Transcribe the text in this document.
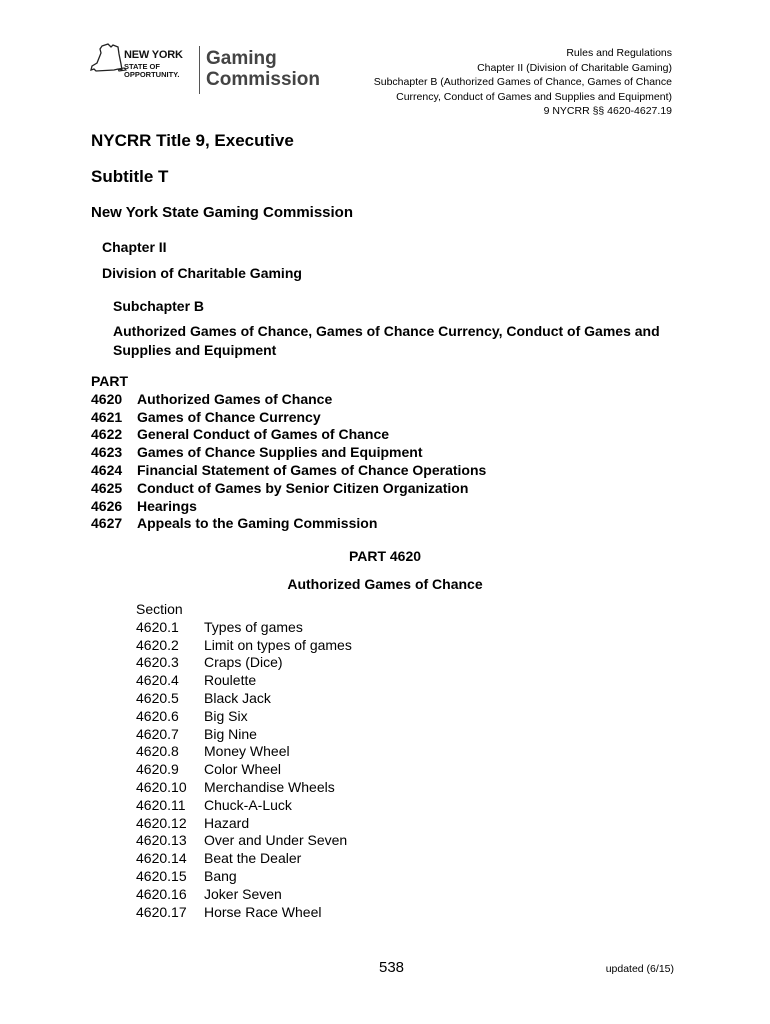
NEW YORK
STATE OF
OPPORTUNITY.
Gaming
Commission
Rules and Regulations
Chapter II (Division of Charitable Gaming)
Subchapter B (Authorized Games of Chance, Games of Chance
Currency, Conduct of Games and Supplies and Equipment)
9 NYCRR §§ 4620-4627.19
NYCRR Title 9, Executive
Subtitle T
New York State Gaming Commission
Chapter II
Division of Charitable Gaming
Subchapter B
Authorized Games of Chance, Games of Chance Currency, Conduct of Games and Supplies and Equipment
PART
4620	Authorized Games of Chance
4621	Games of Chance Currency
4622	General Conduct of Games of Chance
4623	Games of Chance Supplies and Equipment
4624	Financial Statement of Games of Chance Operations
4625	Conduct of Games by Senior Citizen Organization
4626	Hearings
4627	Appeals to the Gaming Commission
PART 4620
Authorized Games of Chance
Section
4620.1	Types of games
4620.2	Limit on types of games
4620.3	Craps (Dice)
4620.4	Roulette
4620.5	Black Jack
4620.6	Big Six
4620.7	Big Nine
4620.8	Money Wheel
4620.9	Color Wheel
4620.10	Merchandise Wheels
4620.11	Chuck-A-Luck
4620.12	Hazard
4620.13	Over and Under Seven
4620.14	Beat the Dealer
4620.15	Bang
4620.16	Joker Seven
4620.17	Horse Race Wheel
538	updated (6/15)
